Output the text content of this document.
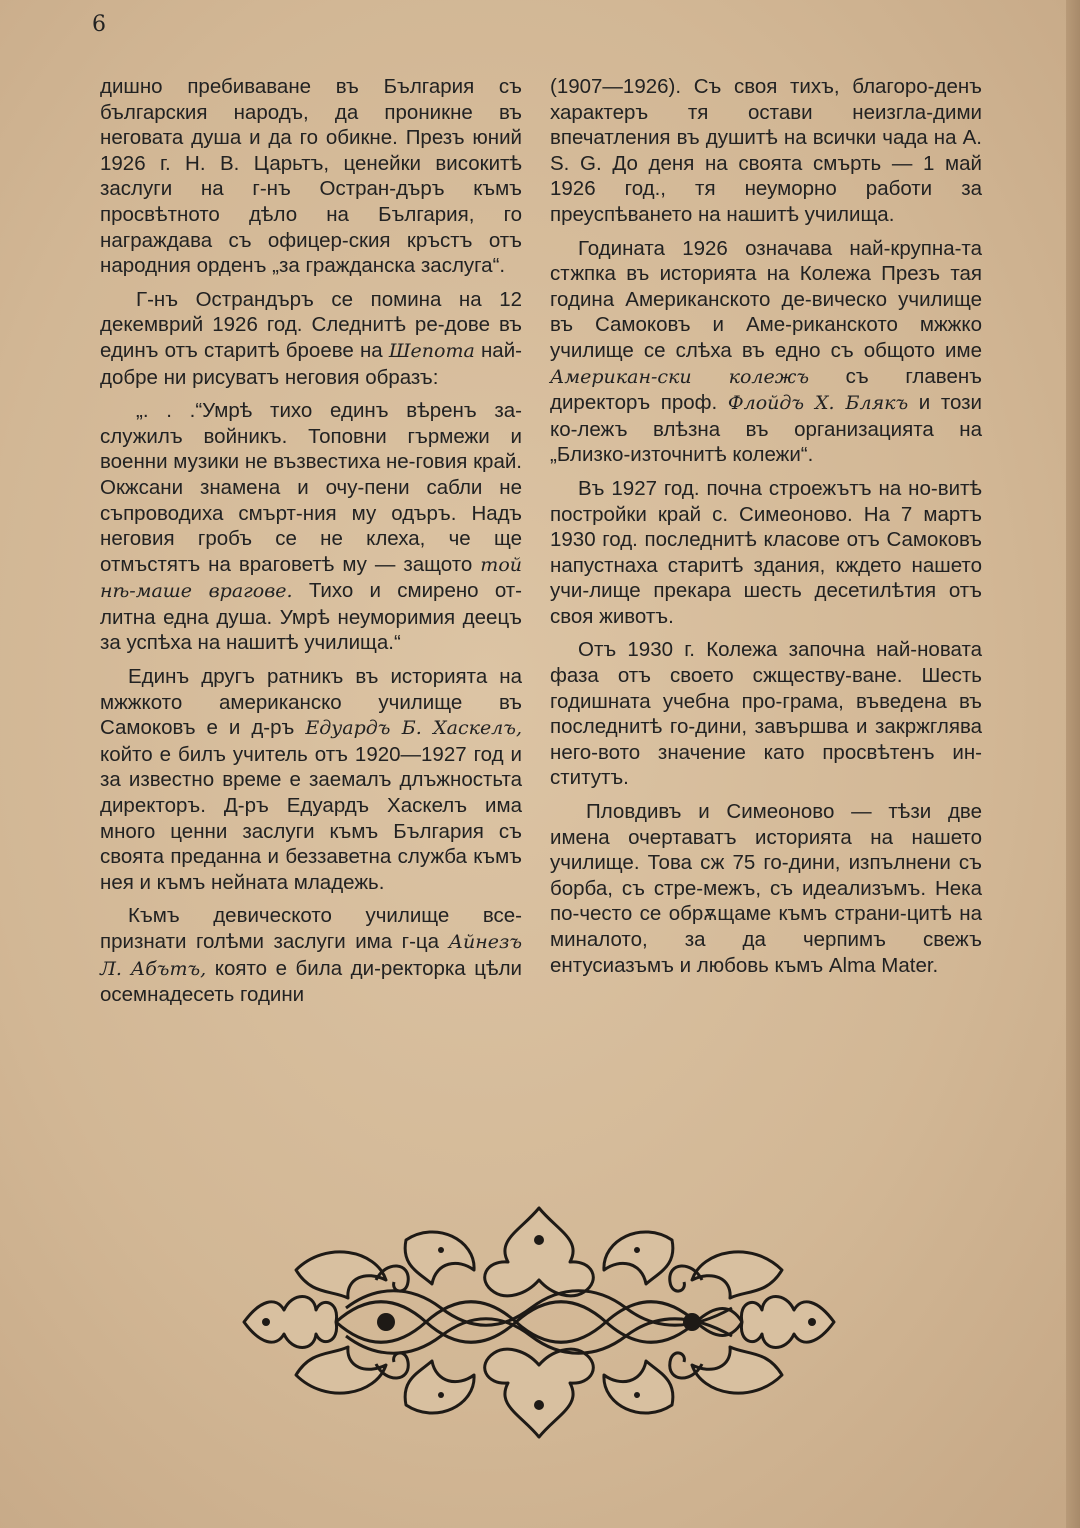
6

дишно пребиваване въ България съ българския народъ, да проникне въ неговата душа и да го обикне. Презъ юний 1926 г. Н. В. Царьтъ, ценейки високитѣ заслуги на г-нъ Остран-дъръ къмъ просвѣтното дѣло на България, го награждава съ офицер-ския кръстъ отъ народния орденъ „за гражданска заслуга“.

Г-нъ Острандъръ се помина на 12 декемврий 1926 год. Следнитѣ ре-дове въ единъ отъ старитѣ броеве на Шепота най-добре ни рисуватъ неговия образъ:

„. . .“Умрѣ тихо единъ вѣренъ за-служилъ войникъ. Топовни гърмежи и военни музики не възвестиха не-говия край. Окжсани знамена и очу-пени сабли не съпроводиха смърт-ния му одъръ. Надъ неговия гробъ се не клеха, че ще отмъстятъ на враговетѣ му — защото той нѣ-маше врагове. Тихо и смирено от-литна една душа. Умрѣ неуморимия деецъ за успѣха на нашитѣ училища.“

Единъ другъ ратникъ въ историята на мжжкото американско училище въ Самоковъ е и д-ръ Едуардъ Б. Хаскелъ, който е билъ учитель отъ 1920—1927 год и за известно време е заемалъ длъжностьта директоръ. Д-ръ Едуардъ Хаскелъ има много ценни заслуги къмъ България съ своята преданна и беззаветна служба къмъ нея и къмъ нейната младежь.

Къмъ девическото училище все-признати голѣми заслуги има г-ца Айнезъ Л. Абътъ, която е била ди-ректорка цѣли осемнадесеть години

(1907—1926). Съ своя тихъ, благоро-денъ характеръ тя остави неизгла-дими впечатления въ душитѣ на всички чада на A. S. G. До деня на своята смърть — 1 май 1926 год., тя неуморно работи за преуспѣването на нашитѣ училища.

Годината 1926 означава най-крупна-та стжпка въ историята на Колежа Презъ тая година Американското де-вическо училище въ Самоковъ и Аме-риканското мжжко училище се слѣха въ едно съ общото име Американ-ски колежъ съ главенъ директоръ проф. Флойдъ Х. Блякъ и този ко-лежъ влѣзна въ организацията на „Близко-източнитѣ колежи“.

Въ 1927 год. почна строежътъ на но-витѣ постройки край с. Симеоново. На 7 мартъ 1930 год. последнитѣ класове отъ Самоковъ напустнаха старитѣ здания, кждето нашето учи-лище прекара шесть десетилѣтия отъ своя животъ.

Отъ 1930 г. Колежа започна най-новата фаза отъ своето сжществу-ване. Шесть годишната учебна про-грама, въведена въ последнитѣ го-дини, завършва и закржглява него-вото значение като просвѣтенъ ин-ститутъ.

Пловдивъ и Симеоново — тѣзи две имена очертаватъ историята на нашето училище. Това сж 75 го-дини, изпълнени съ борба, съ стре-межъ, съ идеализъмъ. Нека по-често се обрѫщаме къмъ страни-цитѣ на миналото, за да черпимъ свежъ ентусиазъмъ и любовь къмъ Alma Mater.
